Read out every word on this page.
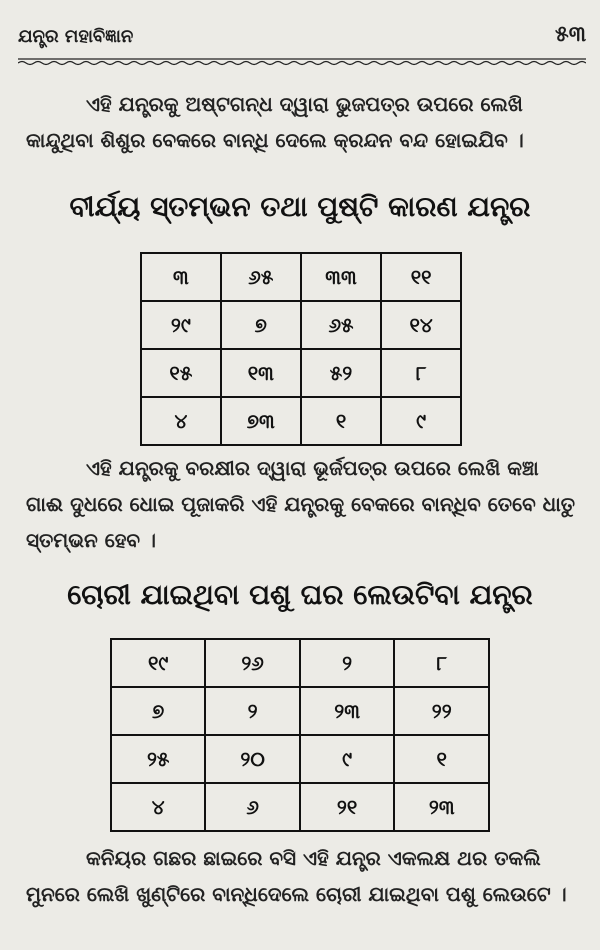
ଯନ୍ତ୍ର ମହାବିଜ୍ଞାନ	୫୩
ଏହି ଯନ୍ତ୍ରକୁ ଅଷ୍ଟଗନ୍ଧ ଦ୍ୱାରା ଭୁଜପତ୍ର ଉପରେ ଲେଖି କାନ୍ଦୁଥିବା ଶିଶୁର ବେକରେ ବାନ୍ଧି ଦେଲେ କ୍ରନ୍ଦନ ବନ୍ଦ ହୋଇଯିବ ।
ବୀର୍ଯ୍ୟ ସ୍ତମ୍ଭନ ତଥା ପୁଷ୍ଟି କାରଣ ଯନ୍ତ୍ର
୩	୬୫	୩୩	୧୧
୨୯	୭	୬୫	୧୪
୧୫	୧୩	୫୨	୮
୪	୭୩	୧	୯
ଏହି ଯନ୍ତ୍ରକୁ ବରକ୍ଷୀର ଦ୍ୱାରା ଭୂର୍ଜପତ୍ର ଉପରେ ଲେଖି କଞ୍ଚା ଗାଈ ଦୁଧରେ ଧୋଇ ପୂଜାକରି ଏହି ଯନ୍ତ୍ରକୁ ବେକରେ ବାନ୍ଧିବ ତେବେ ଧାତୁ ସ୍ତମ୍ଭନ ହେବ ।
ଚୋରୀ ଯାଇଥିବା ପଶୁ ଘର ଲେଉଟିବା ଯନ୍ତ୍ର
୧୯	୨୬	୨	୮
୭	୨	୨୩	୨୨
୨୫	୨୦	୯	୧
୪	୬	୨୧	୨୩
କନିୟର ଗଛର ଛାଇରେ ବସି ଏହି ଯନ୍ତ୍ର ଏକଲକ୍ଷ ଥର ତକଲି ମୁନରେ ଲେଖି ଖୁଣ୍ଟିରେ ବାନ୍ଧିଦେଲେ ଚୋରୀ ଯାଇଥିବା ପଶୁ ଲେଉଟେ ।
